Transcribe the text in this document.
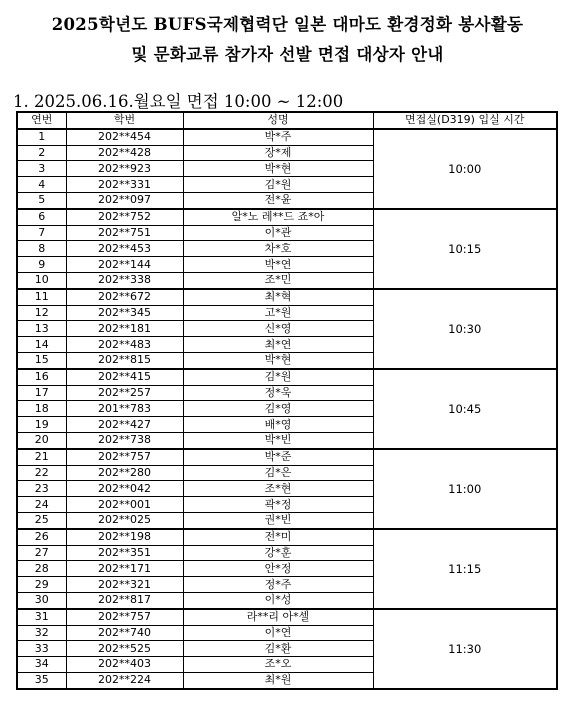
2025학년도 BUFS국제협력단 일본 대마도 환경정화 봉사활동
및 문화교류 참가자 선발 면접 대상자 안내
1. 2025.06.16.월요일 면접 10:00 ~ 12:00
연번	학번	성명	면접실(D319) 입실 시간
1	202**454	박*주	10:00
2	202**428	장*제	
3	202**923	박*현	
4	202**331	김*원	
5	202**097	전*윤	
6	202**752	알*노 레**드 죠*아	10:15
7	202**751	이*관	
8	202**453	차*호	
9	202**144	박*연	
10	202**338	조*민	
11	202**672	최*혁	10:30
12	202**345	고*원	
13	202**181	신*영	
14	202**483	최*연	
15	202**815	박*현	
16	202**415	김*원	10:45
17	202**257	정*욱	
18	201**783	김*영	
19	202**427	배*영	
20	202**738	박*빈	
21	202**757	박*준	11:00
22	202**280	김*은	
23	202**042	조*현	
24	202**001	곽*정	
25	202**025	권*빈	
26	202**198	전*미	11:15
27	202**351	강*훈	
28	202**171	안*정	
29	202**321	정*주	
30	202**817	이*성	
31	202**757	라**리 아*셀	11:30
32	202**740	이*연	
33	202**525	김*환	
34	202**403	조*오	
35	202**224	최*원	
